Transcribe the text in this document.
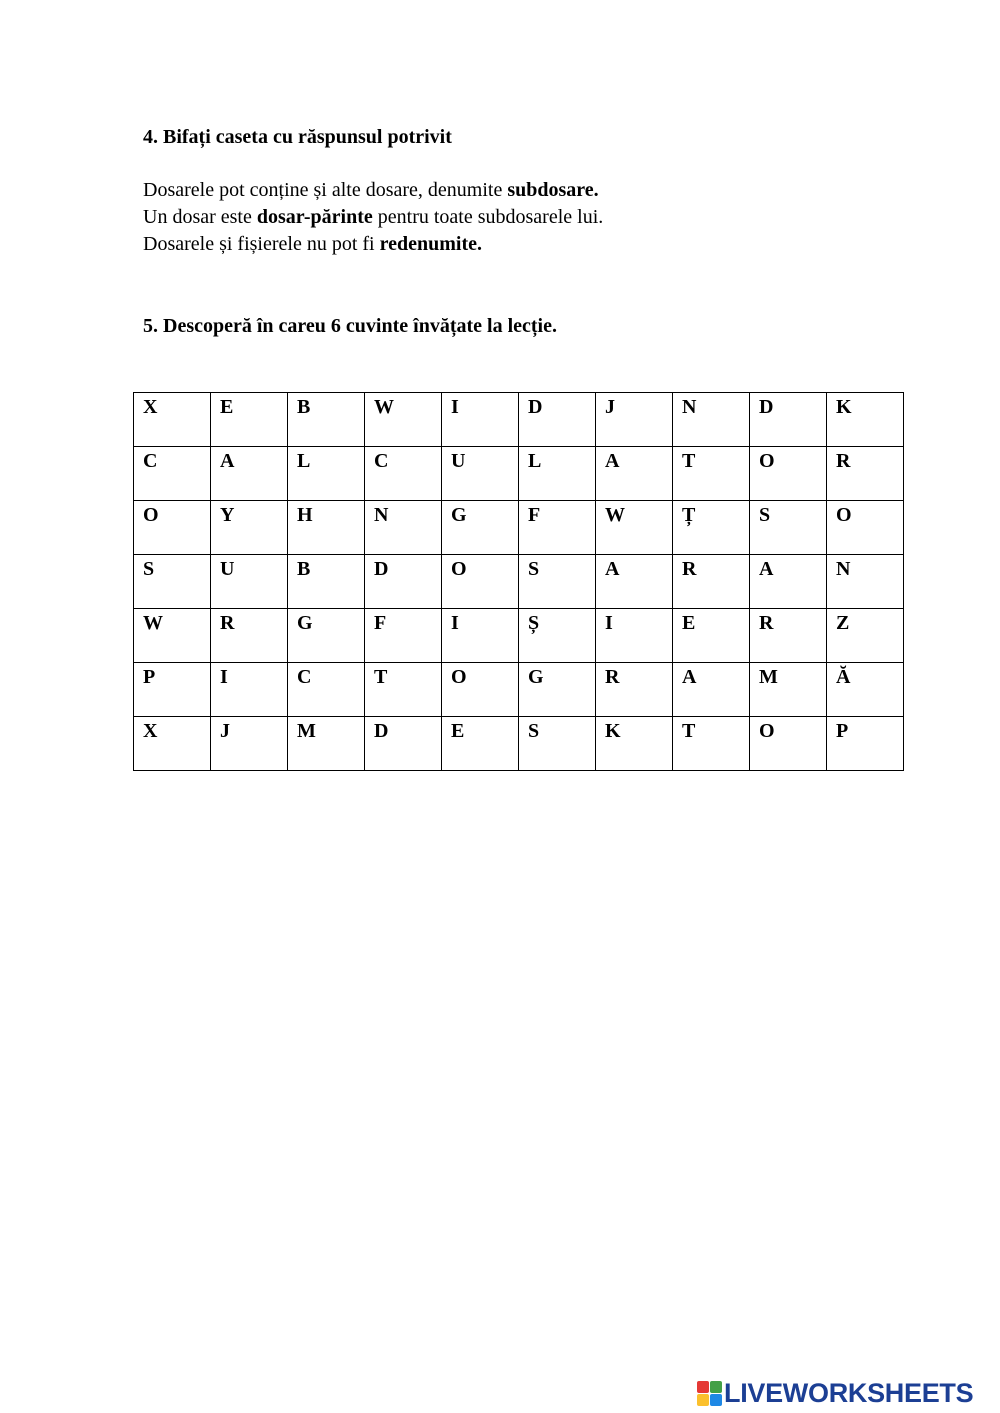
4. Bifați caseta cu răspunsul potrivit

Dosarele pot conține și alte dosare, denumite subdosare.

Un dosar este dosar-părinte pentru toate subdosarele lui.

Dosarele și fișierele nu pot fi redenumite.

5. Descoperă în careu 6 cuvinte învățate la lecție.
X	E	B	W	I	D	J	N	D	K
C	A	L	C	U	L	A	T	O	R
O	Y	H	N	G	F	W	Ț	S	O
S	U	B	D	O	S	A	R	A	N
W	R	G	F	I	Ș	I	E	R	Z
P	I	C	T	O	G	R	A	M	Ă
X	J	M	D	E	S	K	T	O	P
LIVEWORKSHEETS
